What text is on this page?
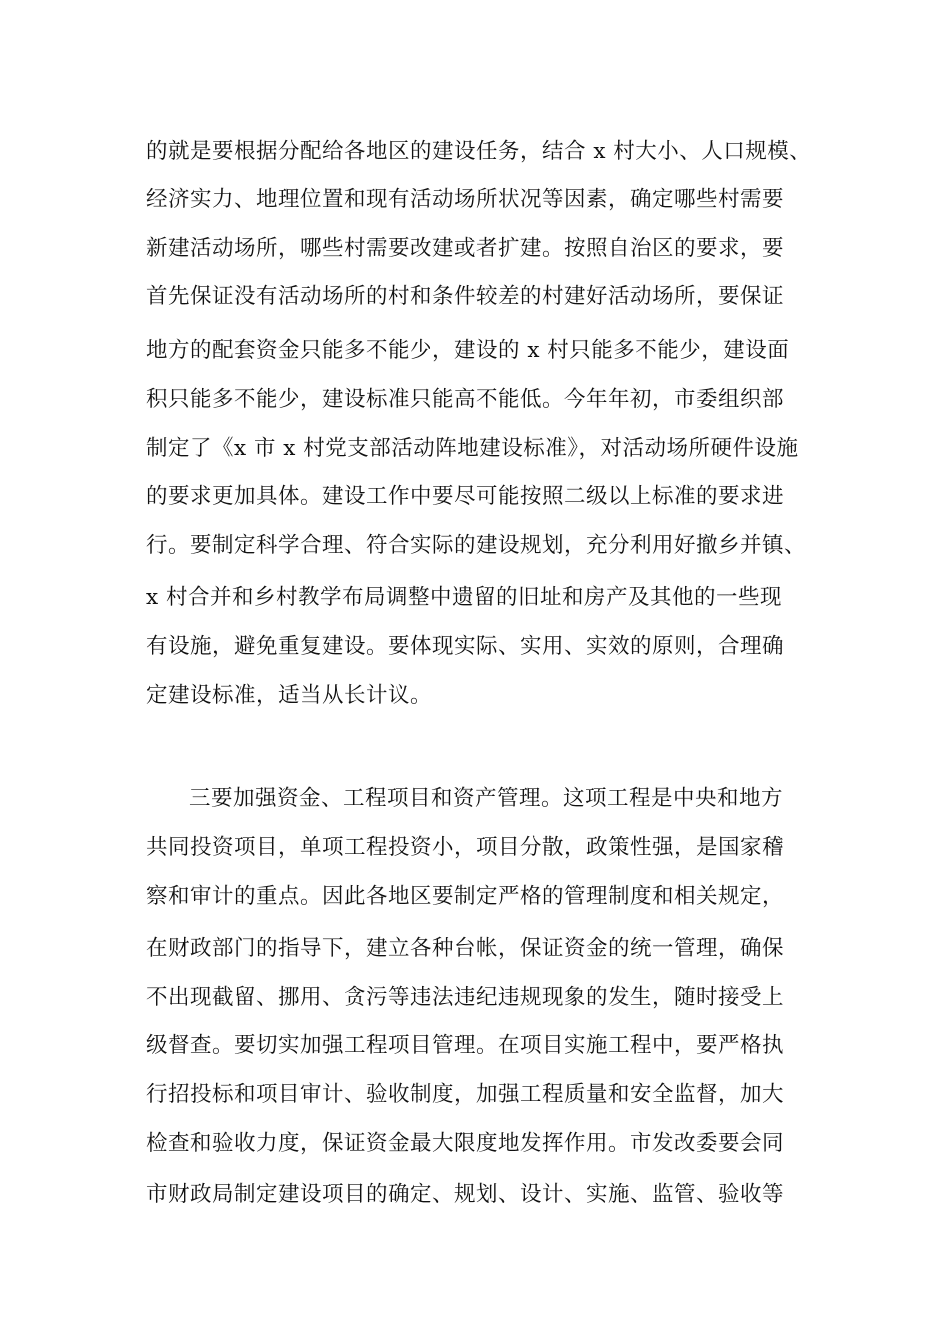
的就是要根据分配给各地区的建设任务，结合 x 村大小、人口规模、
经济实力、地理位置和现有活动场所状况等因素，确定哪些村需要
新建活动场所，哪些村需要改建或者扩建。按照自治区的要求，要
首先保证没有活动场所的村和条件较差的村建好活动场所，要保证
地方的配套资金只能多不能少，建设的 x 村只能多不能少，建设面
积只能多不能少，建设标准只能高不能低。今年年初，市委组织部
制定了《x 市 x 村党支部活动阵地建设标准》，对活动场所硬件设施
的要求更加具体。建设工作中要尽可能按照二级以上标准的要求进
行。要制定科学合理、符合实际的建设规划，充分利用好撤乡并镇、
x 村合并和乡村教学布局调整中遗留的旧址和房产及其他的一些现
有设施，避免重复建设。要体现实际、实用、实效的原则，合理确
定建设标准，适当从长计议。
三要加强资金、工程项目和资产管理。这项工程是中央和地方
共同投资项目，单项工程投资小，项目分散，政策性强，是国家稽
察和审计的重点。因此各地区要制定严格的管理制度和相关规定，
在财政部门的指导下，建立各种台帐，保证资金的统一管理，确保
不出现截留、挪用、贪污等违法违纪违规现象的发生，随时接受上
级督查。要切实加强工程项目管理。在项目实施工程中，要严格执
行招投标和项目审计、验收制度，加强工程质量和安全监督，加大
检查和验收力度，保证资金最大限度地发挥作用。市发改委要会同
市财政局制定建设项目的确定、规划、设计、实施、监管、验收等
